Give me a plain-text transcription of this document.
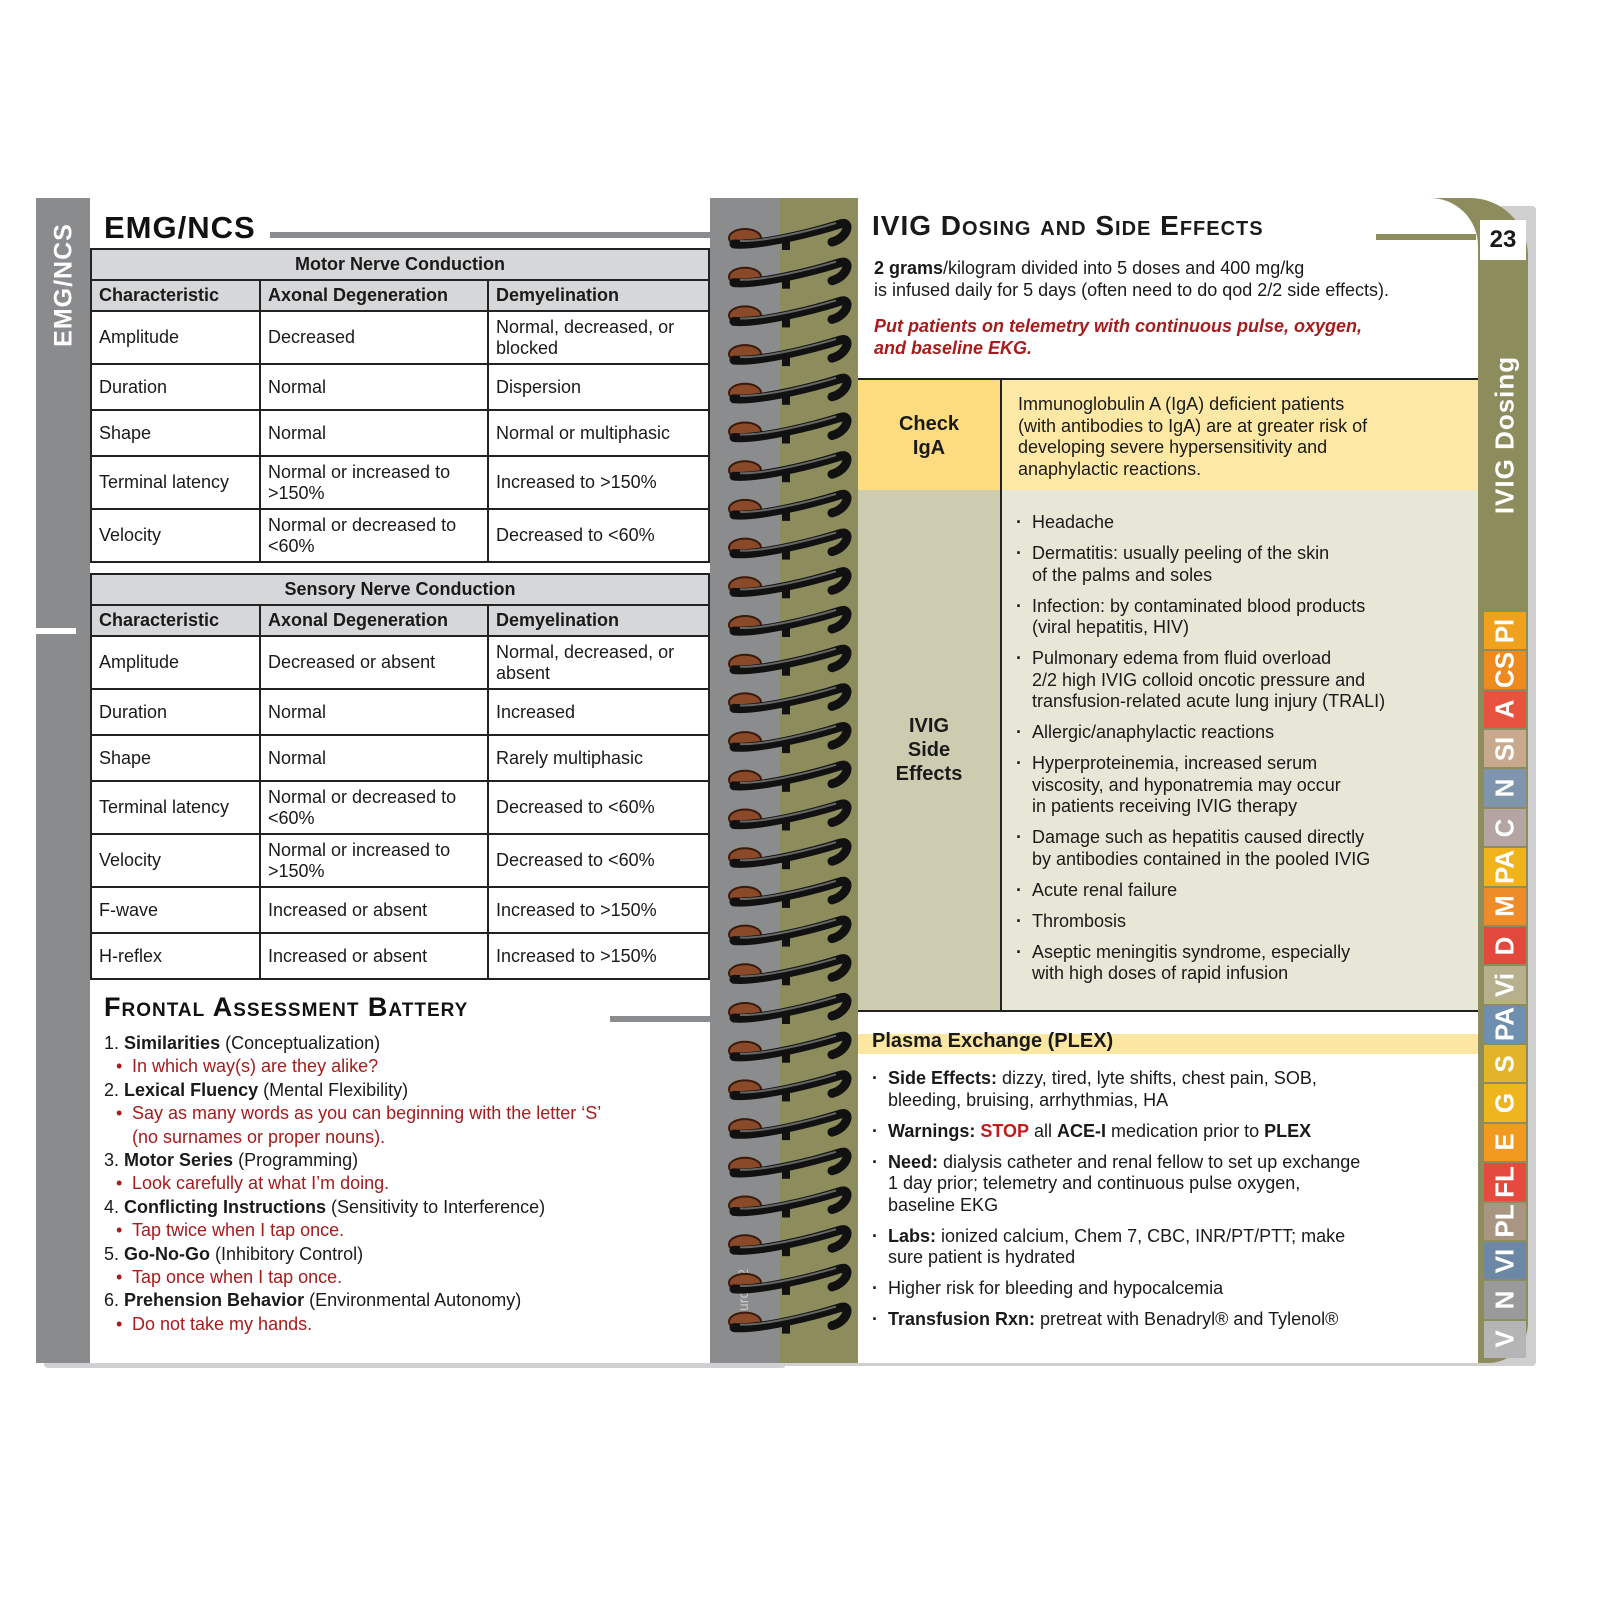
EMG/NCS EMG/NCS
Motor Nerve Conduction		
Characteristic	Axonal Degeneration	Demyelination
Amplitude	Decreased	Normal, decreased, or blocked
Duration	Normal	Dispersion
Shape	Normal	Normal or multiphasic
Terminal latency	Normal or increased to >150%	Increased to >150%
Velocity	Normal or decreased to <60%	Decreased to <60%
Sensory Nerve Conduction		
Characteristic	Axonal Degeneration	Demyelination
Amplitude	Decreased or absent	Normal, decreased, or absent
Duration	Normal	Increased
Shape	Normal	Rarely multiphasic
Terminal latency	Normal or decreased to <60%	Decreased to <60%
Velocity	Normal or increased to >150%	Decreased to <60%
F-wave	Increased or absent	Increased to >150%
H-reflex	Increased or absent	Increased to >150%
Frontal Assessment Battery
1. Similarities (Conceptualization)
• In which way(s) are they alike?
2. Lexical Fluency (Mental Flexibility)
• Say as many words as you can beginning with the letter ‘S’
(no surnames or proper nouns).
3. Motor Series (Programming)
• Look carefully at what I’m doing.
4. Conflicting Instructions (Sensitivity to Interference)
• Tap twice when I tap once.
5. Go-No-Go (Inhibitory Control)
• Tap once when I tap once.
6. Prehension Behavior (Environmental Autonomy)
• Do not take my hands.
23
IVIG Dosing and Side Effects
2 grams/kilogram divided into 5 doses and 400 mg/kg
is infused daily for 5 days (often need to do qod 2/2 side effects).
Put patients on telemetry with continuous pulse, oxygen,
and baseline EKG.
Check
IgA
Immunoglobulin A (IgA) deficient patients
(with antibodies to IgA) are at greater risk of
developing severe hypersensitivity and
anaphylactic reactions.
IVIG
Side
Effects
· Headache
· Dermatitis: usually peeling of the skin
of the palms and soles
· Infection: by contaminated blood products
(viral hepatitis, HIV)
· Pulmonary edema from fluid overload
2/2 high IVIG colloid oncotic pressure and
transfusion-related acute lung injury (TRALI)
· Allergic/anaphylactic reactions
· Hyperproteinemia, increased serum
viscosity, and hyponatremia may occur
in patients receiving IVIG therapy
· Damage such as hepatitis caused directly
by antibodies contained in the pooled IVIG
· Acute renal failure
· Thrombosis
· Aseptic meningitis syndrome, especially
with high doses of rapid infusion
Plasma Exchange (PLEX)
· Side Effects: dizzy, tired, lyte shifts, chest pain, SOB,
bleeding, bruising, arrhythmias, HA
· Warnings: STOP all ACE-I medication prior to PLEX
· Need: dialysis catheter and renal fellow to set up exchange
1 day prior; telemetry and continuous pulse oxygen,
baseline EKG
· Labs: ionized calcium, Chem 7, CBC, INR/PT/PTT; make
sure patient is hydrated
· Higher risk for bleeding and hypocalcemia
· Transfusion Rxn: pretreat with Benadryl® and Tylenol®
IVIG Dosing
Pl
CS
A
SI
N
C
PA
M
D
Vi
PA
S
G
E
FL
PL
VI
N
V
